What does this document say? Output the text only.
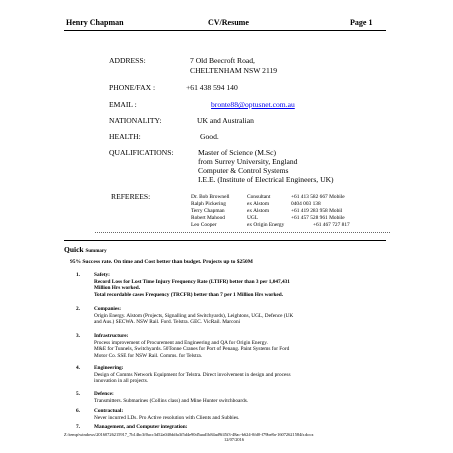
Henry Chapman	CV/Resume	Page 1
ADDRESS:	7 Old Beecroft Road,
CHELTENHAM NSW 2119
PHONE/FAX :	+61 438 594 140
EMAIL :	bronte88@optusnet.com.au
NATIONALITY:	UK and Australian
HEALTH:	Good.
QUALIFICATIONS:	Master of Science (M.Sc)
from Surrey University, England
Computer & Control Systems
I.E.E. (Institute of Electrical Engineers, UK)
REFEREES:	Dr. Bob Brownell	Consultant	+61 413 582 667 Mobile
Ralph Pickering	ex Alstom	0404 003 138
Terry Chapman	ex Alstom	+61 419 283 958 Mobil
Robert Mahood	UGL	+61 457 528 961 Mobile
Leo Cooper	ex Origin Energy	+61 467 727 817
Quick Summary
95% Success rate. On time and Cost better than budget. Projects up to $250M
1.	Safety:
Record Loss for Lost Time Injury Frequency Rate (LTIFR) better than 3 per 1,047,431
Million Hrs worked.
Total recordable cases Frequency (TRCFR) better than 7 per 1 Million Hrs worked.
2.	Companies:
Origin Energy. Alstom (Projects, Signalling and Switchyards), Leightons, UGL, Defence (UK
and Aus.) SECWA. NSW Rail. Ford. Telstra. GEC. VicRail. Marconi
3.	Infrastructure:
Process improvement of Procurement and Engineering and QA for Origin Energy.
M&E for Tunnels, Switchyards. 50Tonne Cranes for Port of Penang. Paint Systems for Ford
Motor Co. SSE for NSW Rail. Comms. for Telstra.
4.	Engineering:
Design of Comms Network Equipment for Telstra. Direct involvement in design and process
innovation in all projects.
5.	Defence:
Transmitters. Submarines (Collins class) and Mine Hunter switchboards.
6.	Contractual:
Never incurred LDs. Pro Active resolution with Clients and Subbies.
7.	Management, and Computer integration:
Z:\temp\windows\20160726215917_7b14bc3f0acc3d52a040ddfa3f5d4e90d5aad1b84ad9f45f3-48ac-b624-0fd0-f79be8a-16072621584fr.docx
12/07/2016
